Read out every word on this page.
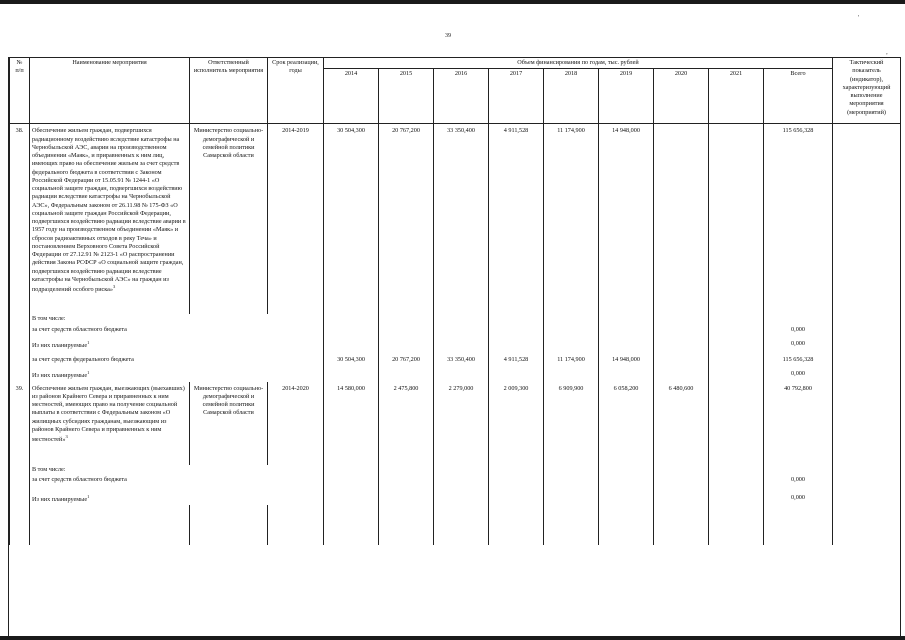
39
'
,
№
п/п	Наименование мероприятия	Ответственный исполнитель мероприятия	Срок реализации, годы	Объем финансирования по годам, тыс. рублей									Тактический показатель (индикатор), характеризующий выполнение мероприятия (мероприятий)
				2014	2015	2016	2017	2018	2019	2020	2021	Всего	
38.	Обеспечение жильем граждан, подвергшихся радиационному воздействию вследствие катастрофы на Чернобыльской АЭС, аварии на производственном объединении «Маяк», и приравненных к ним лиц, имеющих право на обеспечение жильем за счет средств федерального бюджета в соответствии с Законом Российской Федерации от 15.05.91 № 1244-1 «О социальной защите граждан, подвергшихся воздействию радиации вследствие катастрофы на Чернобыльской АЭС», Федеральным законом от 26.11.98 № 175-ФЗ «О социальной защите граждан Российской Федерации, подвергшихся воздействию радиации вследствие аварии в 1957 году на производственном объединении «Маяк» и сбросов радиоактивных отходов в реку Теча» и постановлением Верховного Совета Российской Федерации от 27.12.91 № 2123-1 «О распространении действия Закона РСФСР «О социальной защите граждан, подвергшихся воздействию радиации вследствие катастрофы на Чернобыльской АЭС» на граждан из подразделений особого риска»$^3$	Министерство социально-демографической и семейной политики Самарской области	2014-2019	30 504,300	20 767,200	33 350,400	4 911,528	11 174,900	14 948,000			115 656,328	

	В том числе:												
	за счет средств областного бюджета											0,000	
	Из них планируемые$^1$											0,000	
	за счет средств федерального бюджета			30 504,300	20 767,200	33 350,400	4 911,528	11 174,900	14 948,000			115 656,328	
	Из них планируемые$^1$											0,000	
39.	Обеспечение жильем граждан, выезжающих (выехавших) из районов Крайнего Севера и приравненных к ним местностей, имеющих право на получение социальной выплаты в соответствии с Федеральным законом «О жилищных субсидиях гражданам, выезжающим из районов Крайнего Севера и приравненных к ним местностей»$^3$	Министерство социально-демографической и семейной политики Самарской области	2014-2020	14 580,000	2 475,800	2 279,000	2 009,300	6 909,900	6 058,200	6 480,600		40 792,800	

	В том числе:												
	за счет средств областного бюджета											0,000	
	Из них планируемые$^1$											0,000	
